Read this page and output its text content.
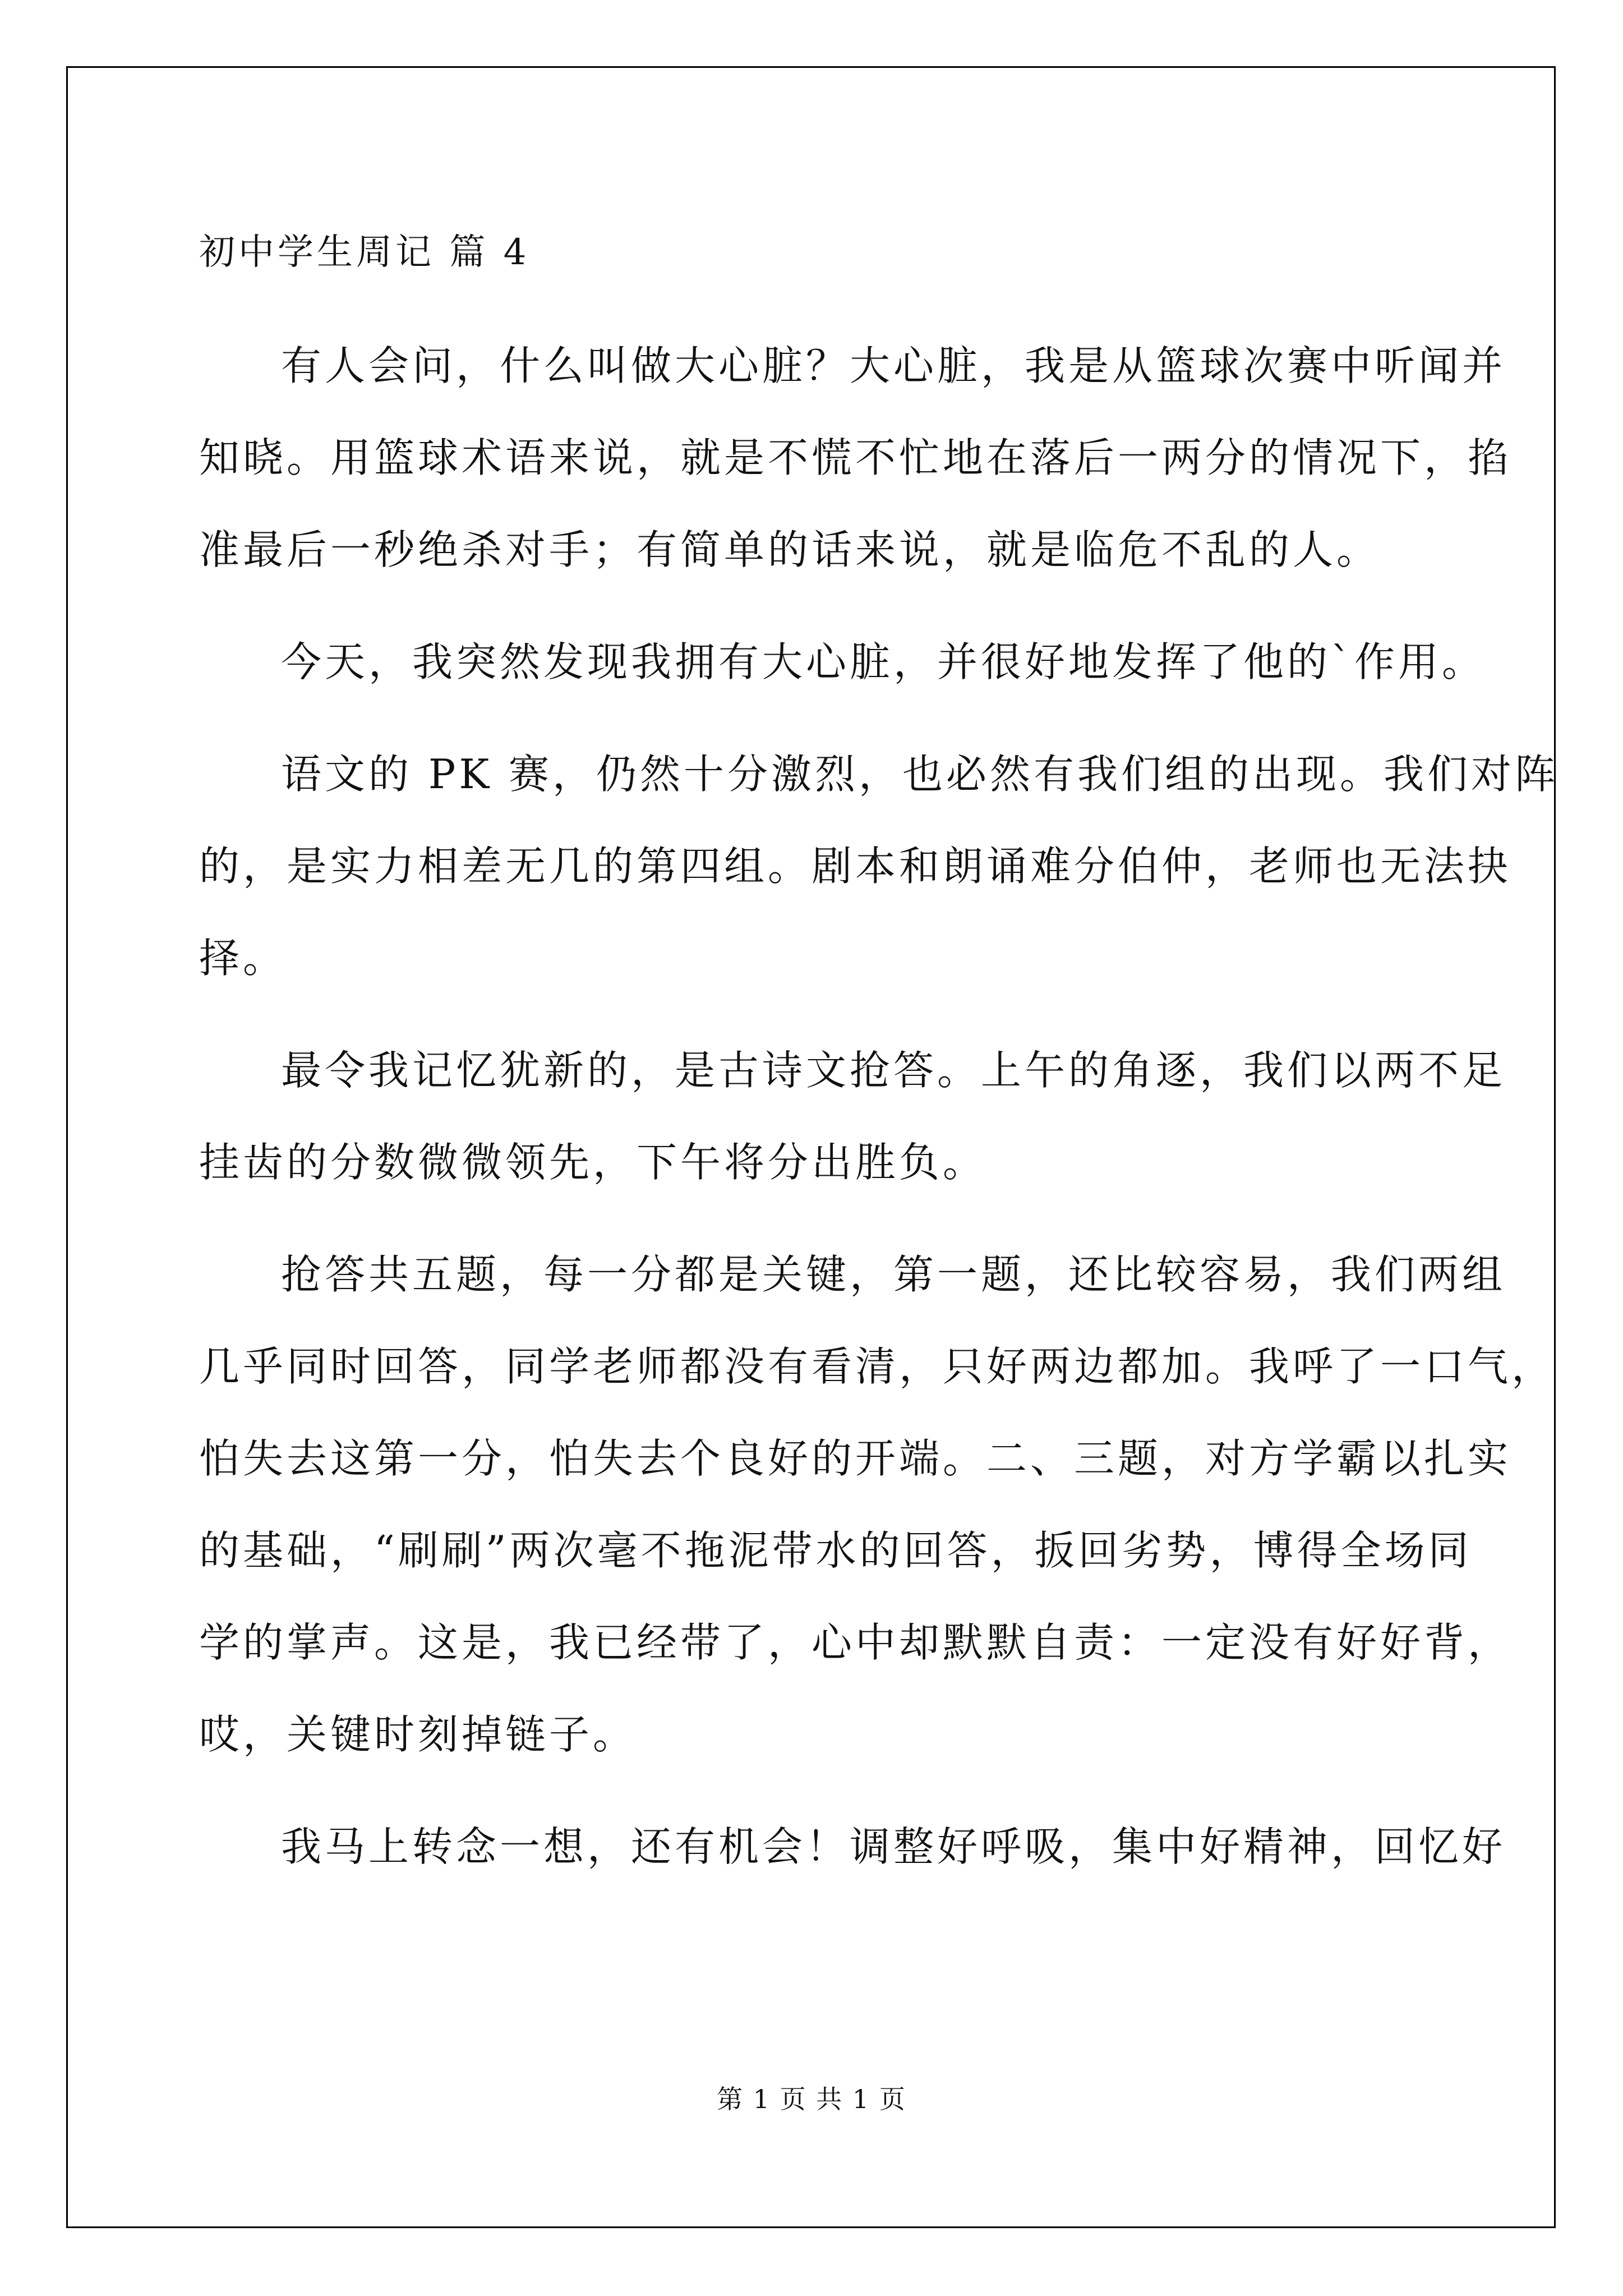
初中学生周记 篇 4
有人会问，什么叫做大心脏？大心脏，我是从篮球次赛中听闻并
知晓。用篮球术语来说，就是不慌不忙地在落后一两分的情况下，掐
准最后一秒绝杀对手；有简单的话来说，就是临危不乱的人。
今天，我突然发现我拥有大心脏，并很好地发挥了他的`作用。
语文的 PK 赛，仍然十分激烈，也必然有我们组的出现。我们对阵
的，是实力相差无几的第四组。剧本和朗诵难分伯仲，老师也无法抉
择。
最令我记忆犹新的，是古诗文抢答。上午的角逐，我们以两不足
挂齿的分数微微领先，下午将分出胜负。
抢答共五题，每一分都是关键，第一题，还比较容易，我们两组
几乎同时回答，同学老师都没有看清，只好两边都加。我呼了一口气，
怕失去这第一分，怕失去个良好的开端。二、三题，对方学霸以扎实
的基础，“刷刷”两次毫不拖泥带水的回答，扳回劣势，博得全场同
学的掌声。这是，我已经带了，心中却默默自责：一定没有好好背，
哎，关键时刻掉链子。
我马上转念一想，还有机会！调整好呼吸，集中好精神，回忆好
第 1 页 共 1 页
